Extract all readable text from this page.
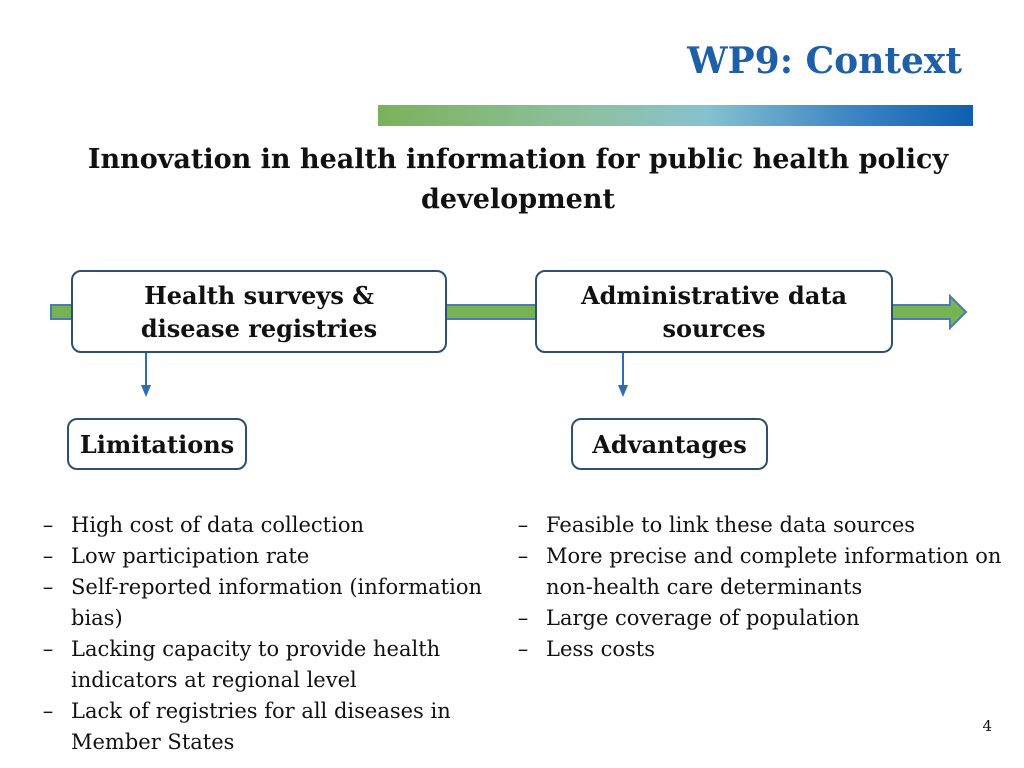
WP9: Context
Innovation in health information for public health policy development
Health surveys & disease registries
Administrative data sources
Limitations	Advantages
– High cost of data collection
– Low participation rate
– Self-reported information (information bias)
– Lacking capacity to provide health indicators at regional level
– Lack of registries for all diseases in Member States
– Feasible to link these data sources
– More precise and complete information on non-health care determinants
– Large coverage of population
– Less costs
4
